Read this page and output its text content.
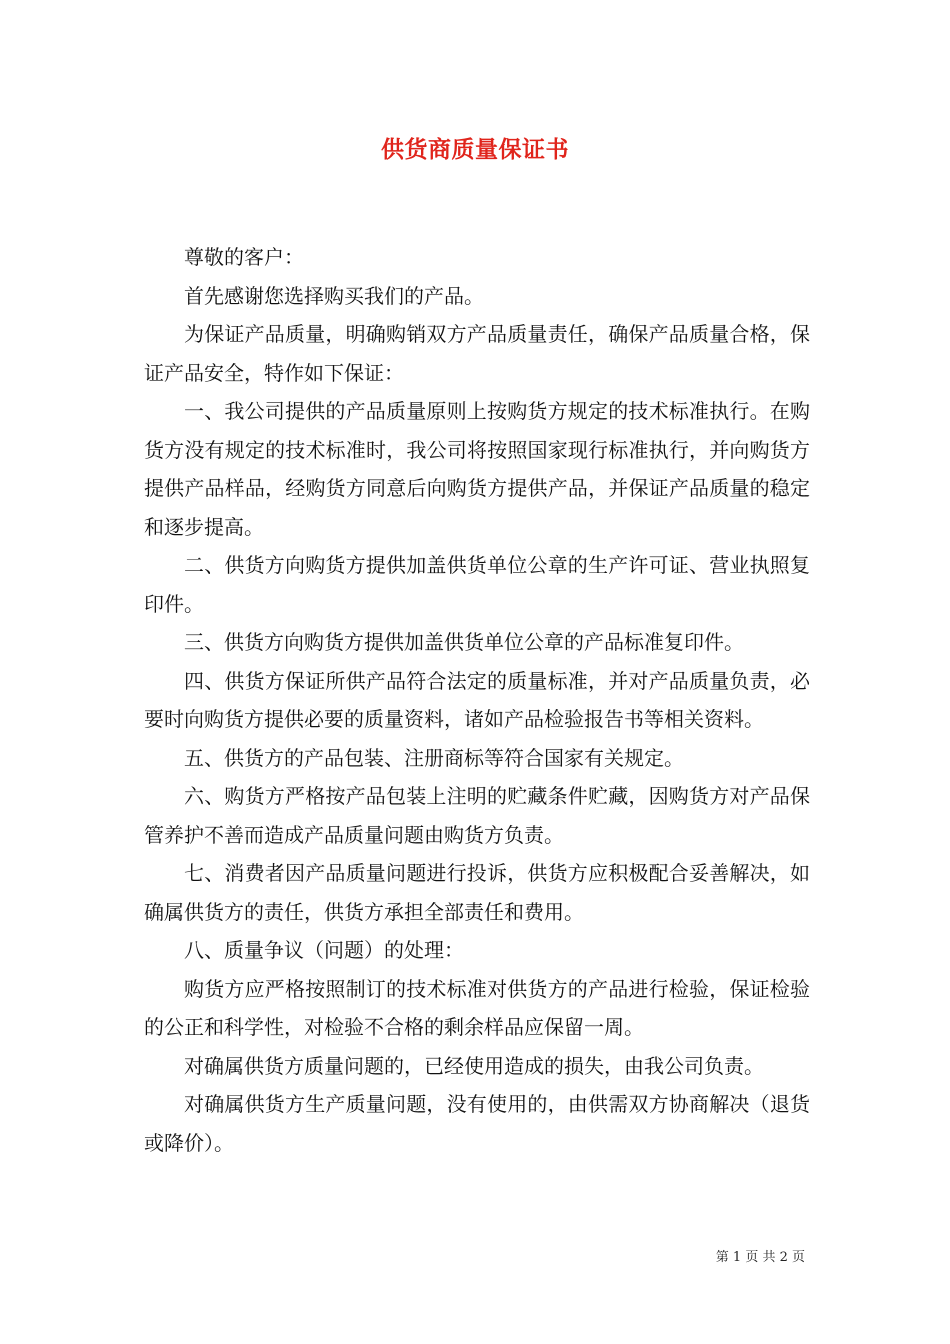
供货商质量保证书

尊敬的客户：

首先感谢您选择购买我们的产品。

为保证产品质量，明确购销双方产品质量责任，确保产品质量合格，保证产品安全，特作如下保证：

一、我公司提供的产品质量原则上按购货方规定的技术标准执行。在购货方没有规定的技术标准时，我公司将按照国家现行标准执行，并向购货方提供产品样品，经购货方同意后向购货方提供产品，并保证产品质量的稳定和逐步提高。

二、供货方向购货方提供加盖供货单位公章的生产许可证、营业执照复印件。

三、供货方向购货方提供加盖供货单位公章的产品标准复印件。

四、供货方保证所供产品符合法定的质量标准，并对产品质量负责，必要时向购货方提供必要的质量资料，诸如产品检验报告书等相关资料。

五、供货方的产品包装、注册商标等符合国家有关规定。

六、购货方严格按产品包装上注明的贮藏条件贮藏，因购货方对产品保管养护不善而造成产品质量问题由购货方负责。

七、消费者因产品质量问题进行投诉，供货方应积极配合妥善解决，如确属供货方的责任，供货方承担全部责任和费用。

八、质量争议（问题）的处理：

购货方应严格按照制订的技术标准对供货方的产品进行检验，保证检验的公正和科学性，对检验不合格的剩余样品应保留一周。

对确属供货方质量问题的，已经使用造成的损失，由我公司负责。

对确属供货方生产质量问题，没有使用的，由供需双方协商解决（退货或降价）。

第 1 页 共 2 页
